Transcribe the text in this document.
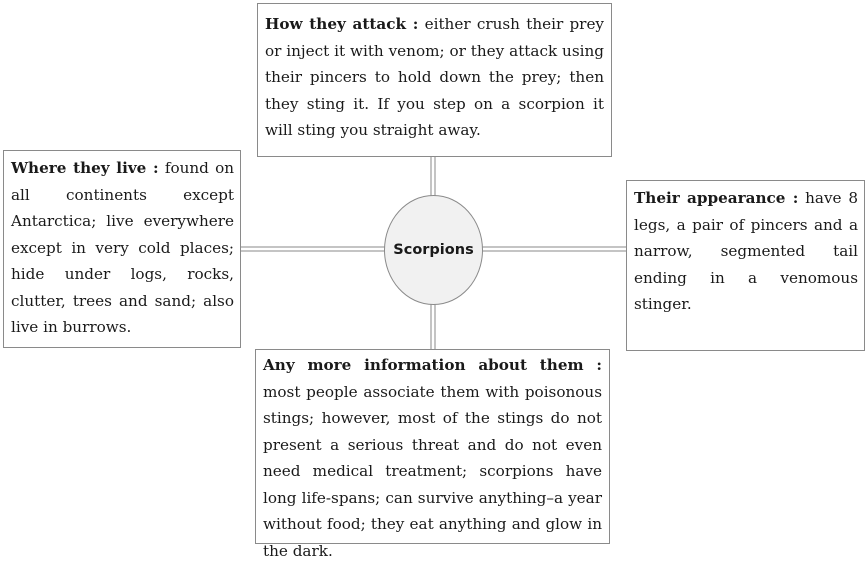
Scorpions
How they attack : either crush their prey or inject it with venom; or they attack using their pincers to hold down the prey; then they sting it. If you step on a scorpion it will sting you straight away.
Where they live : found on all continents except Antarctica; live everywhere except in very cold places; hide under logs, rocks, clutter, trees and sand; also live in burrows.
Their appearance : have 8 legs, a pair of pincers and a narrow, segmented tail ending in a venomous stinger.
Any more information about them : most people associate them with poisonous stings; however, most of the stings do not present a serious threat and do not even need medical treatment; scorpions have long life-spans; can survive anything–a year without food; they eat anything and glow in the dark.
